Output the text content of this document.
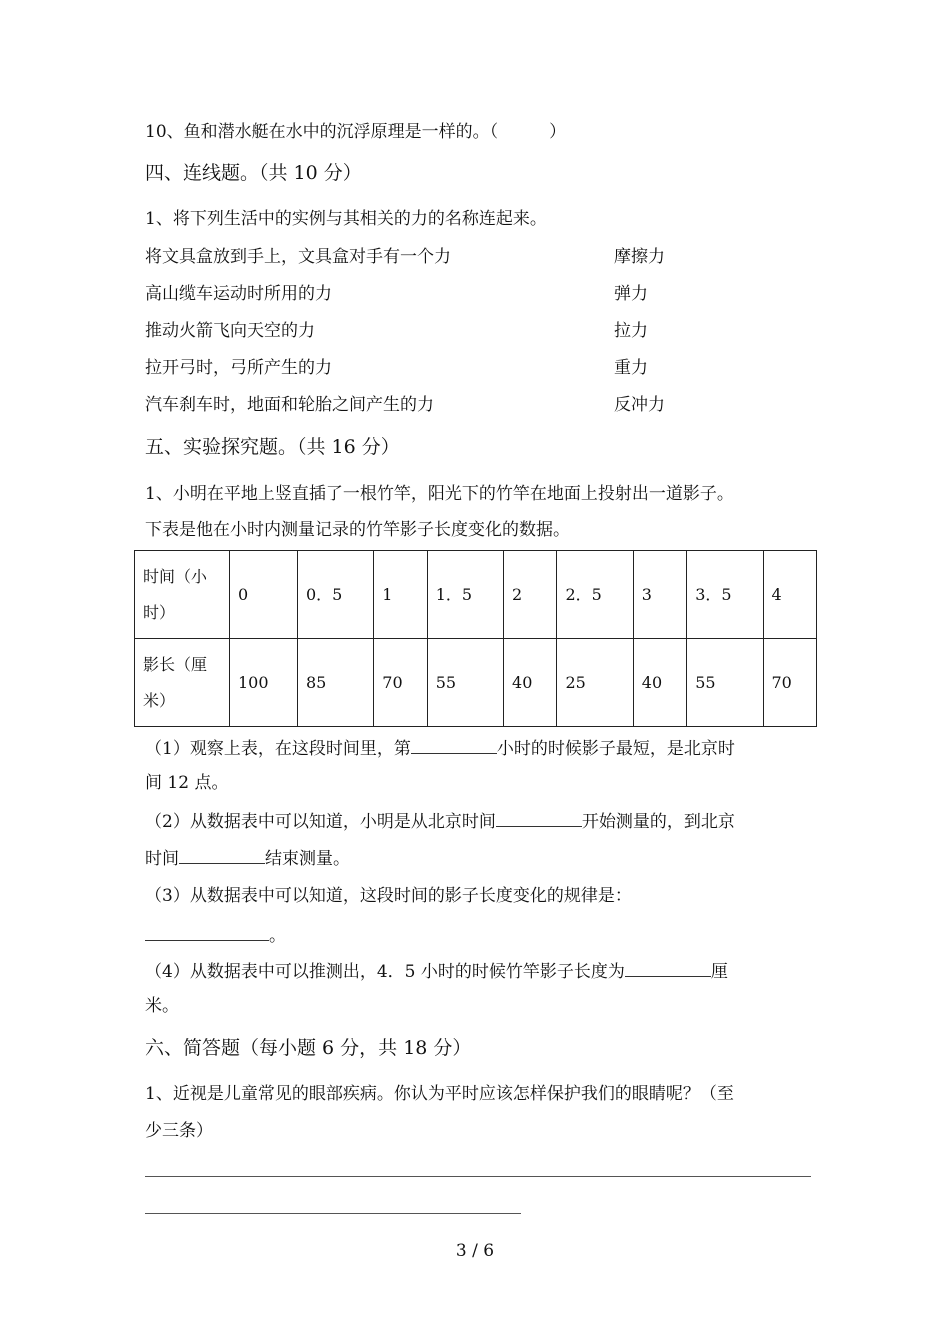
10、鱼和潜水艇在水中的沉浮原理是一样的。（　　　）
四、连线题。（共 10 分）
1、将下列生活中的实例与其相关的力的名称连起来。
将文具盒放到手上，文具盒对手有一个力	摩擦力
高山缆车运动时所用的力	弹力
推动火箭飞向天空的力	拉力
拉开弓时，弓所产生的力	重力
汽车刹车时，地面和轮胎之间产生的力	反冲力
五、实验探究题。（共 16 分）
1、小明在平地上竖直插了一根竹竿，阳光下的竹竿在地面上投射出一道影子。
下表是他在小时内测量记录的竹竿影子长度变化的数据。
时间（小时）	0	0．5	1	1．5	2	2．5	3	3．5	4
影长（厘米）	100	85	70	55	40	25	40	55	70
（1）观察上表，在这段时间里，第	小时的时候影子最短，是北京时
间 12 点。
（2）从数据表中可以知道，小明是从北京时间	开始测量的，到北京
时间	结束测量。
（3）从数据表中可以知道，这段时间的影子长度变化的规律是：
。
（4）从数据表中可以推测出，4．5 小时的时候竹竿影子长度为	厘
米。
六、简答题（每小题 6 分，共 18 分）
1、近视是儿童常见的眼部疾病。你认为平时应该怎样保护我们的眼睛呢？（至
少三条）
3 / 6
